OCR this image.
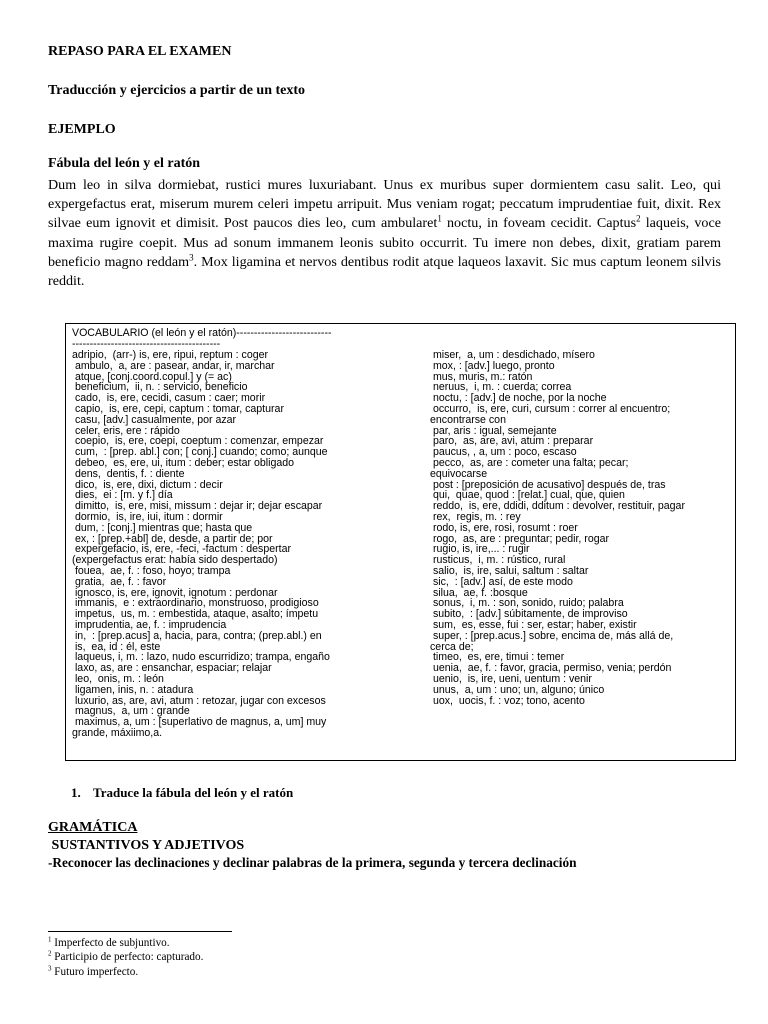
REPASO PARA EL EXAMEN
Traducción y ejercicios a partir de un texto
EJEMPLO
Fábula del león y el ratón
Dum leo in silva dormiebat, rustici mures luxuriabant. Unus ex muribus super dormientem casu salit. Leo, qui expergefactus erat, miserum murem celeri impetu arripuit. Mus veniam rogat; peccatum imprudentiae fuit, dixit. Rex silvae eum ignovit et dimisit. Post paucos dies leo, cum ambularet$^1$ noctu, in foveam cecidit. Captus$^2$ laqueis, voce maxima rugire coepit. Mus ad sonum immanem leonis subito occurrit. Tu imere non debes, dixit, gratiam parem beneficio magno reddam$^3$. Mox ligamina et nervos dentibus rodit atque laqueos laxavit. Sic mus captum leonem silvis reddit.
VOCABULARIO (el león y el ratón)---------------------------
------------------------------------------
adripio,  (arr-) is, ere, ripui, reptum : coger
ambulo,  a, are : pasear, andar, ir, marchar
atque, [conj.coord.copul.] y (= ac)
beneficium,  ii, n. : servicio, beneficio
cado,  is, ere, cecidi, casum : caer; morir
capio,  is, ere, cepi, captum : tomar, capturar
casu, [adv.] casualmente, por azar
celer, eris, ere : rápido
coepio,  is, ere, coepi, coeptum : comenzar, empezar
cum,  : [prep. abl.] con; [ conj.] cuando; como; aunque
debeo,  es, ere, ui, itum : deber; estar obligado
dens,  dentis, f. : diente
dico,  is, ere, dixi, dictum : decir
dies,  ei : [m. y f.] día
dimitto,  is, ere, misi, missum : dejar ir; dejar escapar
dormio,  is, ire, iui, itum : dormir
dum, : [conj.] mientras que; hasta que
ex, : [prep.+abl] de, desde, a partir de; por
expergefacio, is, ere, -feci, -factum : despertar
(expergefactus erat: había sido despertado)
fouea,  ae, f. : foso, hoyo; trampa
gratia,  ae, f. : favor
ignosco, is, ere, ignovit, ignotum : perdonar
immanis,  e : extraordinario, monstruoso, prodigioso
impetus,  us, m. : embestida, ataque, asalto; ímpetu
imprudentia, ae, f. : imprudencia
in,  : [prep.acus] a, hacia, para, contra; (prep.abl.) en
is,  ea, id : él, este
laqueus, i, m. : lazo, nudo escurridizo; trampa, engaño
laxo, as, are : ensanchar, espaciar; relajar
leo,  onis, m. : león
ligamen, inis, n. : atadura
luxurio, as, are, avi, atum : retozar, jugar con excesos
magnus,  a, um : grande
maximus, a, um : [superlativo de magnus, a, um] muy
grande, máxiimo,a.
miser,  a, um : desdichado, mísero
mox, : [adv.] luego, pronto
mus, muris, m.: ratón
neruus,  i, m. : cuerda; correa
noctu, : [adv.] de noche, por la noche
occurro,  is, ere, curi, cursum : correr al encuentro;
encontrarse con
par, aris : igual, semejante
paro,  as, are, avi, atum : preparar
paucus, , a, um : poco, escaso
pecco,  as, are : cometer una falta; pecar;
equivocarse
post : [preposición de acusativo] después de, tras
qui,  quae, quod : [relat.] cual, que, quien
reddo,  is, ere, ddidi, dditum : devolver, restituir, pagar
rex,  regis, m. : rey
rodo, is, ere, rosi, rosumt : roer
rogo,  as, are : preguntar; pedir, rogar
rugio, is, ire,... : rugir
rusticus,  i, m. : rústico, rural
salio,  is, ire, salui, saltum : saltar
sic,  : [adv.] así, de este modo
silua,  ae, f. :bosque
sonus,  i, m. : son, sonido, ruido; palabra
subito,  : [adv.] súbitamente, de improviso
sum,  es, esse, fui : ser, estar; haber, existir
super, : [prep.acus.] sobre, encima de, más allá de,
cerca de;
timeo,  es, ere, timui : temer
uenia,  ae, f. : favor, gracia, permiso, venia; perdón
uenio,  is, ire, ueni, uentum : venir
unus,  a, um : uno; un, alguno; único
uox,  uocis, f. : voz; tono, acento
1. Traduce la fábula del león y el ratón
GRAMÁTICA
SUSTANTIVOS Y ADJETIVOS
-Reconocer las declinaciones y declinar palabras de la primera, segunda y tercera declinación
$^1$ Imperfecto de subjuntivo.
$^2$ Participio de perfecto: capturado.
$^3$ Futuro imperfecto.
